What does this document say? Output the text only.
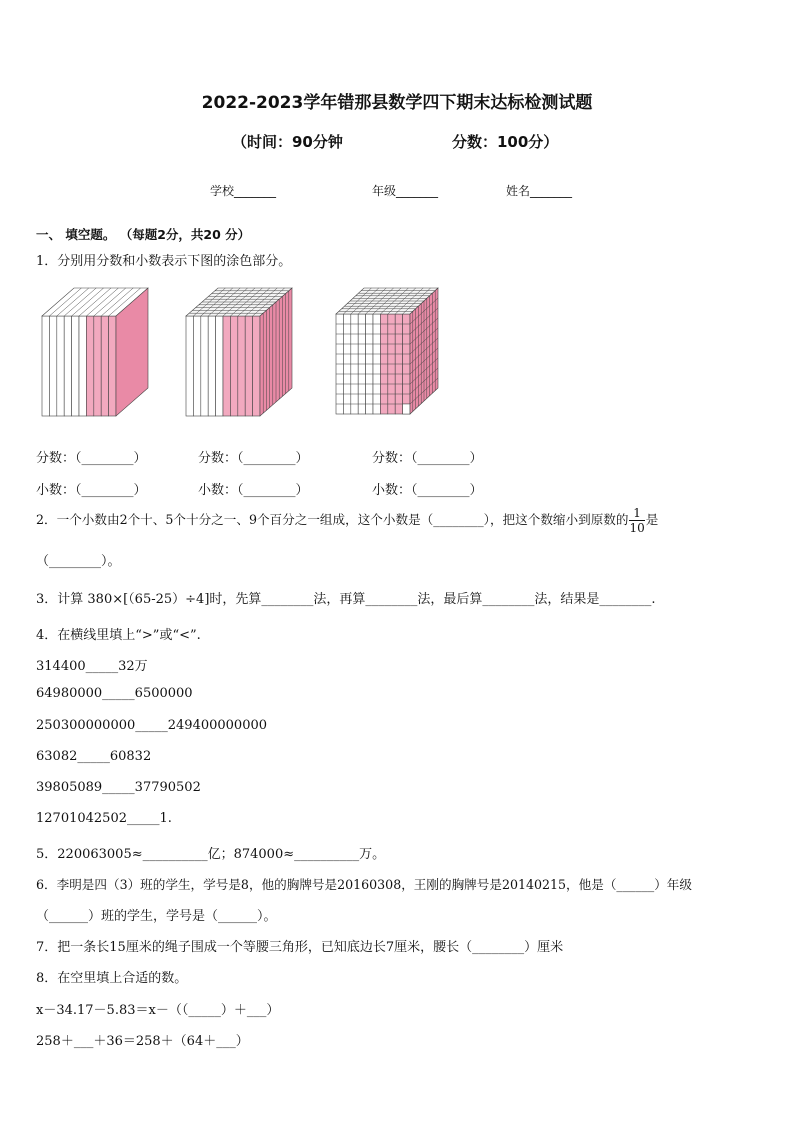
2022-2023学年错那县数学四下期末达标检测试题
（时间：90分钟	分数：100分）
学校_______	年级_______	姓名_______
一、 填空题。 （每题2分，共20 分）
1．分别用分数和小数表示下图的涂色部分。
分数：（________）	分数：（________）	分数：（________）
小数：（________）	小数：（________）	小数：（________）
2．一个小数由2个十、5个十分之一、9个百分之一组成，这个小数是（________），把这个数缩小到原数的 $\frac{1}{10}$ 是
（________）。
3．计算 380×[（65-25）÷4]时，先算________法，再算________法，最后算________法，结果是________.
4．在横线里填上“>”或“<”.
314400_____32万
64980000_____6500000
250300000000_____249400000000
63082_____60832
39805089_____37790502
12701042502_____1.
5．220063005≈__________亿；874000≈__________万。
6．李明是四（3）班的学生，学号是8，他的胸牌号是20160308，王刚的胸牌号是20140215，他是（______）年级
（______）班的学生，学号是（______）。
7．把一条长15厘米的绳子围成一个等腰三角形，已知底边长7厘米，腰长（________）厘米
8．在空里填上合适的数。
x－34.17－5.83＝x－（（_____）＋___）
258＋___＋36＝258＋（64＋___）
